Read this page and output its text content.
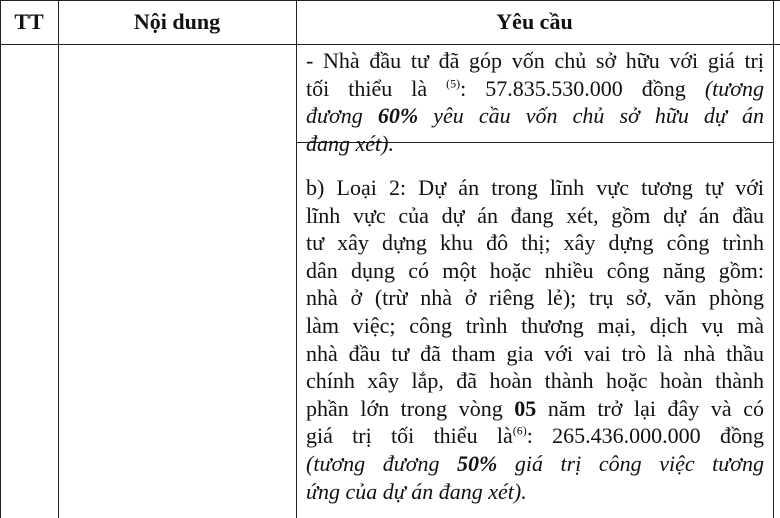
TT	Nội dung	Yêu cầu

- Nhà đầu tư đã góp vốn chủ sở hữu với giá trị
tối thiểu là $^{(5)}$: 57.835.530.000 đồng (tương
đương 60% yêu cầu vốn chủ sở hữu dự án
đang xét).

b) Loại 2: Dự án trong lĩnh vực tương tự với
lĩnh vực của dự án đang xét, gồm dự án đầu
tư xây dựng khu đô thị; xây dựng công trình
dân dụng có một hoặc nhiều công năng gồm:
nhà ở (trừ nhà ở riêng lẻ); trụ sở, văn phòng
làm việc; công trình thương mại, dịch vụ mà
nhà đầu tư đã tham gia với vai trò là nhà thầu
chính xây lắp, đã hoàn thành hoặc hoàn thành
phần lớn trong vòng 05 năm trở lại đây và có
giá trị tối thiểu $là^{(6)}$: 265.436.000.000 đồng
(tương đương 50% giá trị công việc tương
ứng của dự án đang xét).
